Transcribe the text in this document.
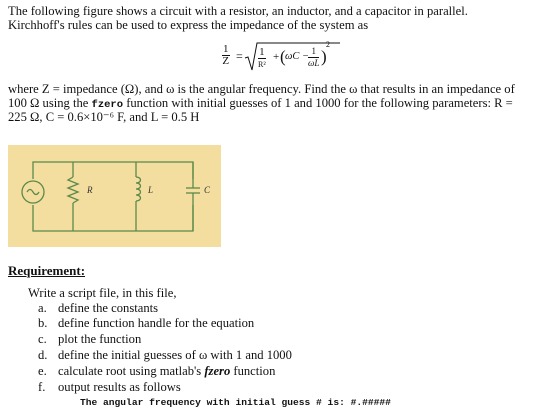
The following figure shows a circuit with a resistor, an inductor, and a capacitor in parallel.
Kirchhoff's rules can be used to express the impedance of the system as
$\frac{1}{Z} = 1$
R²
+ ( ωC −
$\frac{1}{\omega L}$ )
2
where Z = impedance (Ω), and ω is the angular frequency. Find the ω that results in an impedance of
100 Ω using the fzero function with initial guesses of 1 and 1000 for the following parameters: R =
225 Ω, C = 0.6×10⁻⁶ F, and L = 0.5 H
R	L	C
Requirement:
Write a script file, in this file,
a. define the constants
b. define function handle for the equation
c. plot the function
d. define the initial guesses of ω with 1 and 1000
e. calculate root using matlab's fzero function
f. output results as follows
The angular frequency with initial guess # is: #.#####
